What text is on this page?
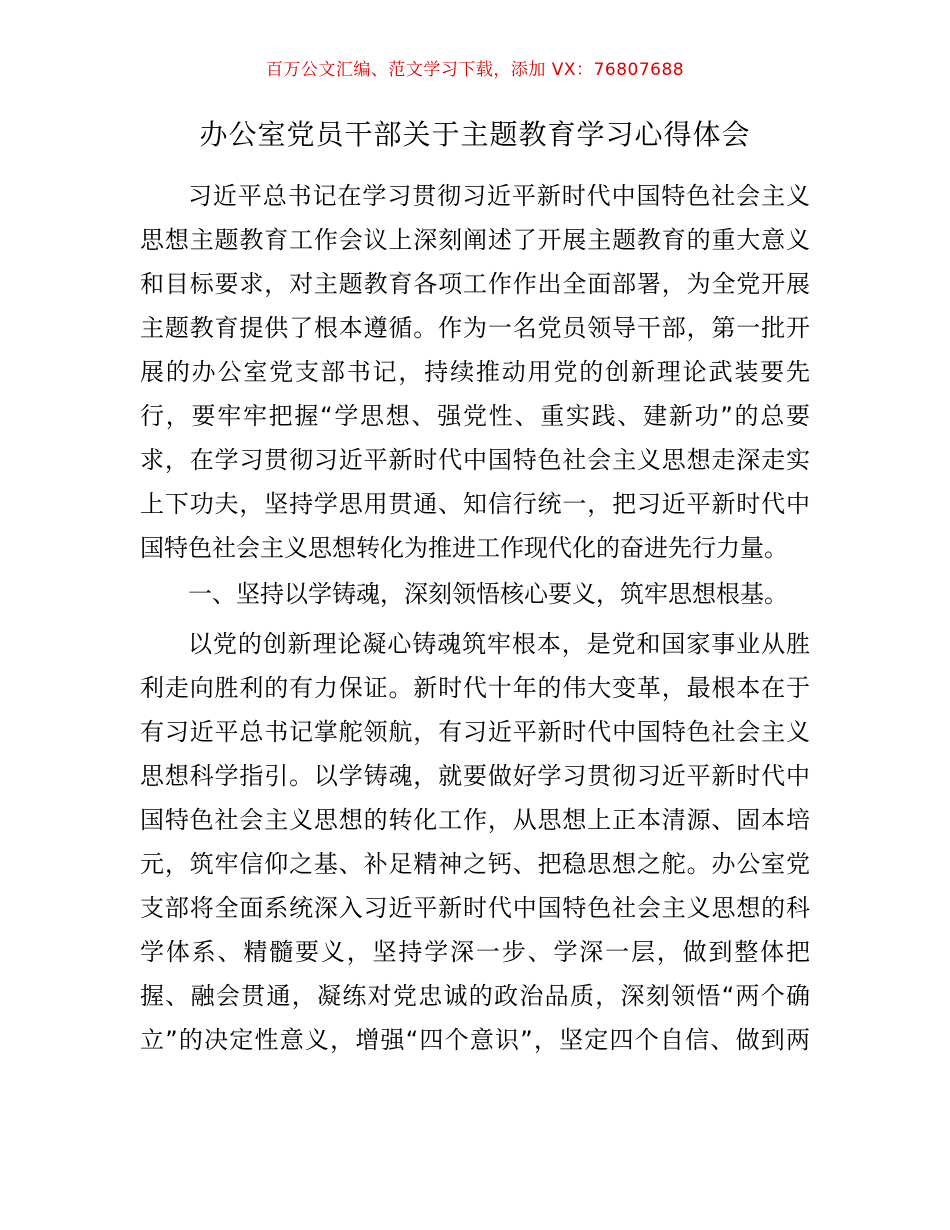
百万公文汇编、范文学习下载，添加 VX：76807688
办公室党员干部关于主题教育学习心得体会
习近平总书记在学习贯彻习近平新时代中国特色社会主义
思想主题教育工作会议上深刻阐述了开展主题教育的重大意义
和目标要求，对主题教育各项工作作出全面部署，为全党开展
主题教育提供了根本遵循。作为一名党员领导干部，第一批开
展的办公室党支部书记，持续推动用党的创新理论武装要先
行，要牢牢把握“学思想、强党性、重实践、建新功”的总要
求，在学习贯彻习近平新时代中国特色社会主义思想走深走实
上下功夫，坚持学思用贯通、知信行统一，把习近平新时代中
国特色社会主义思想转化为推进工作现代化的奋进先行力量。
一、坚持以学铸魂，深刻领悟核心要义，筑牢思想根基。
以党的创新理论凝心铸魂筑牢根本，是党和国家事业从胜
利走向胜利的有力保证。新时代十年的伟大变革，最根本在于
有习近平总书记掌舵领航，有习近平新时代中国特色社会主义
思想科学指引。以学铸魂，就要做好学习贯彻习近平新时代中
国特色社会主义思想的转化工作，从思想上正本清源、固本培
元，筑牢信仰之基、补足精神之钙、把稳思想之舵。办公室党
支部将全面系统深入习近平新时代中国特色社会主义思想的科
学体系、精髓要义，坚持学深一步、学深一层，做到整体把
握、融会贯通，凝练对党忠诚的政治品质，深刻领悟“两个确
立”的决定性意义，增强“四个意识”，坚定四个自信、做到两
